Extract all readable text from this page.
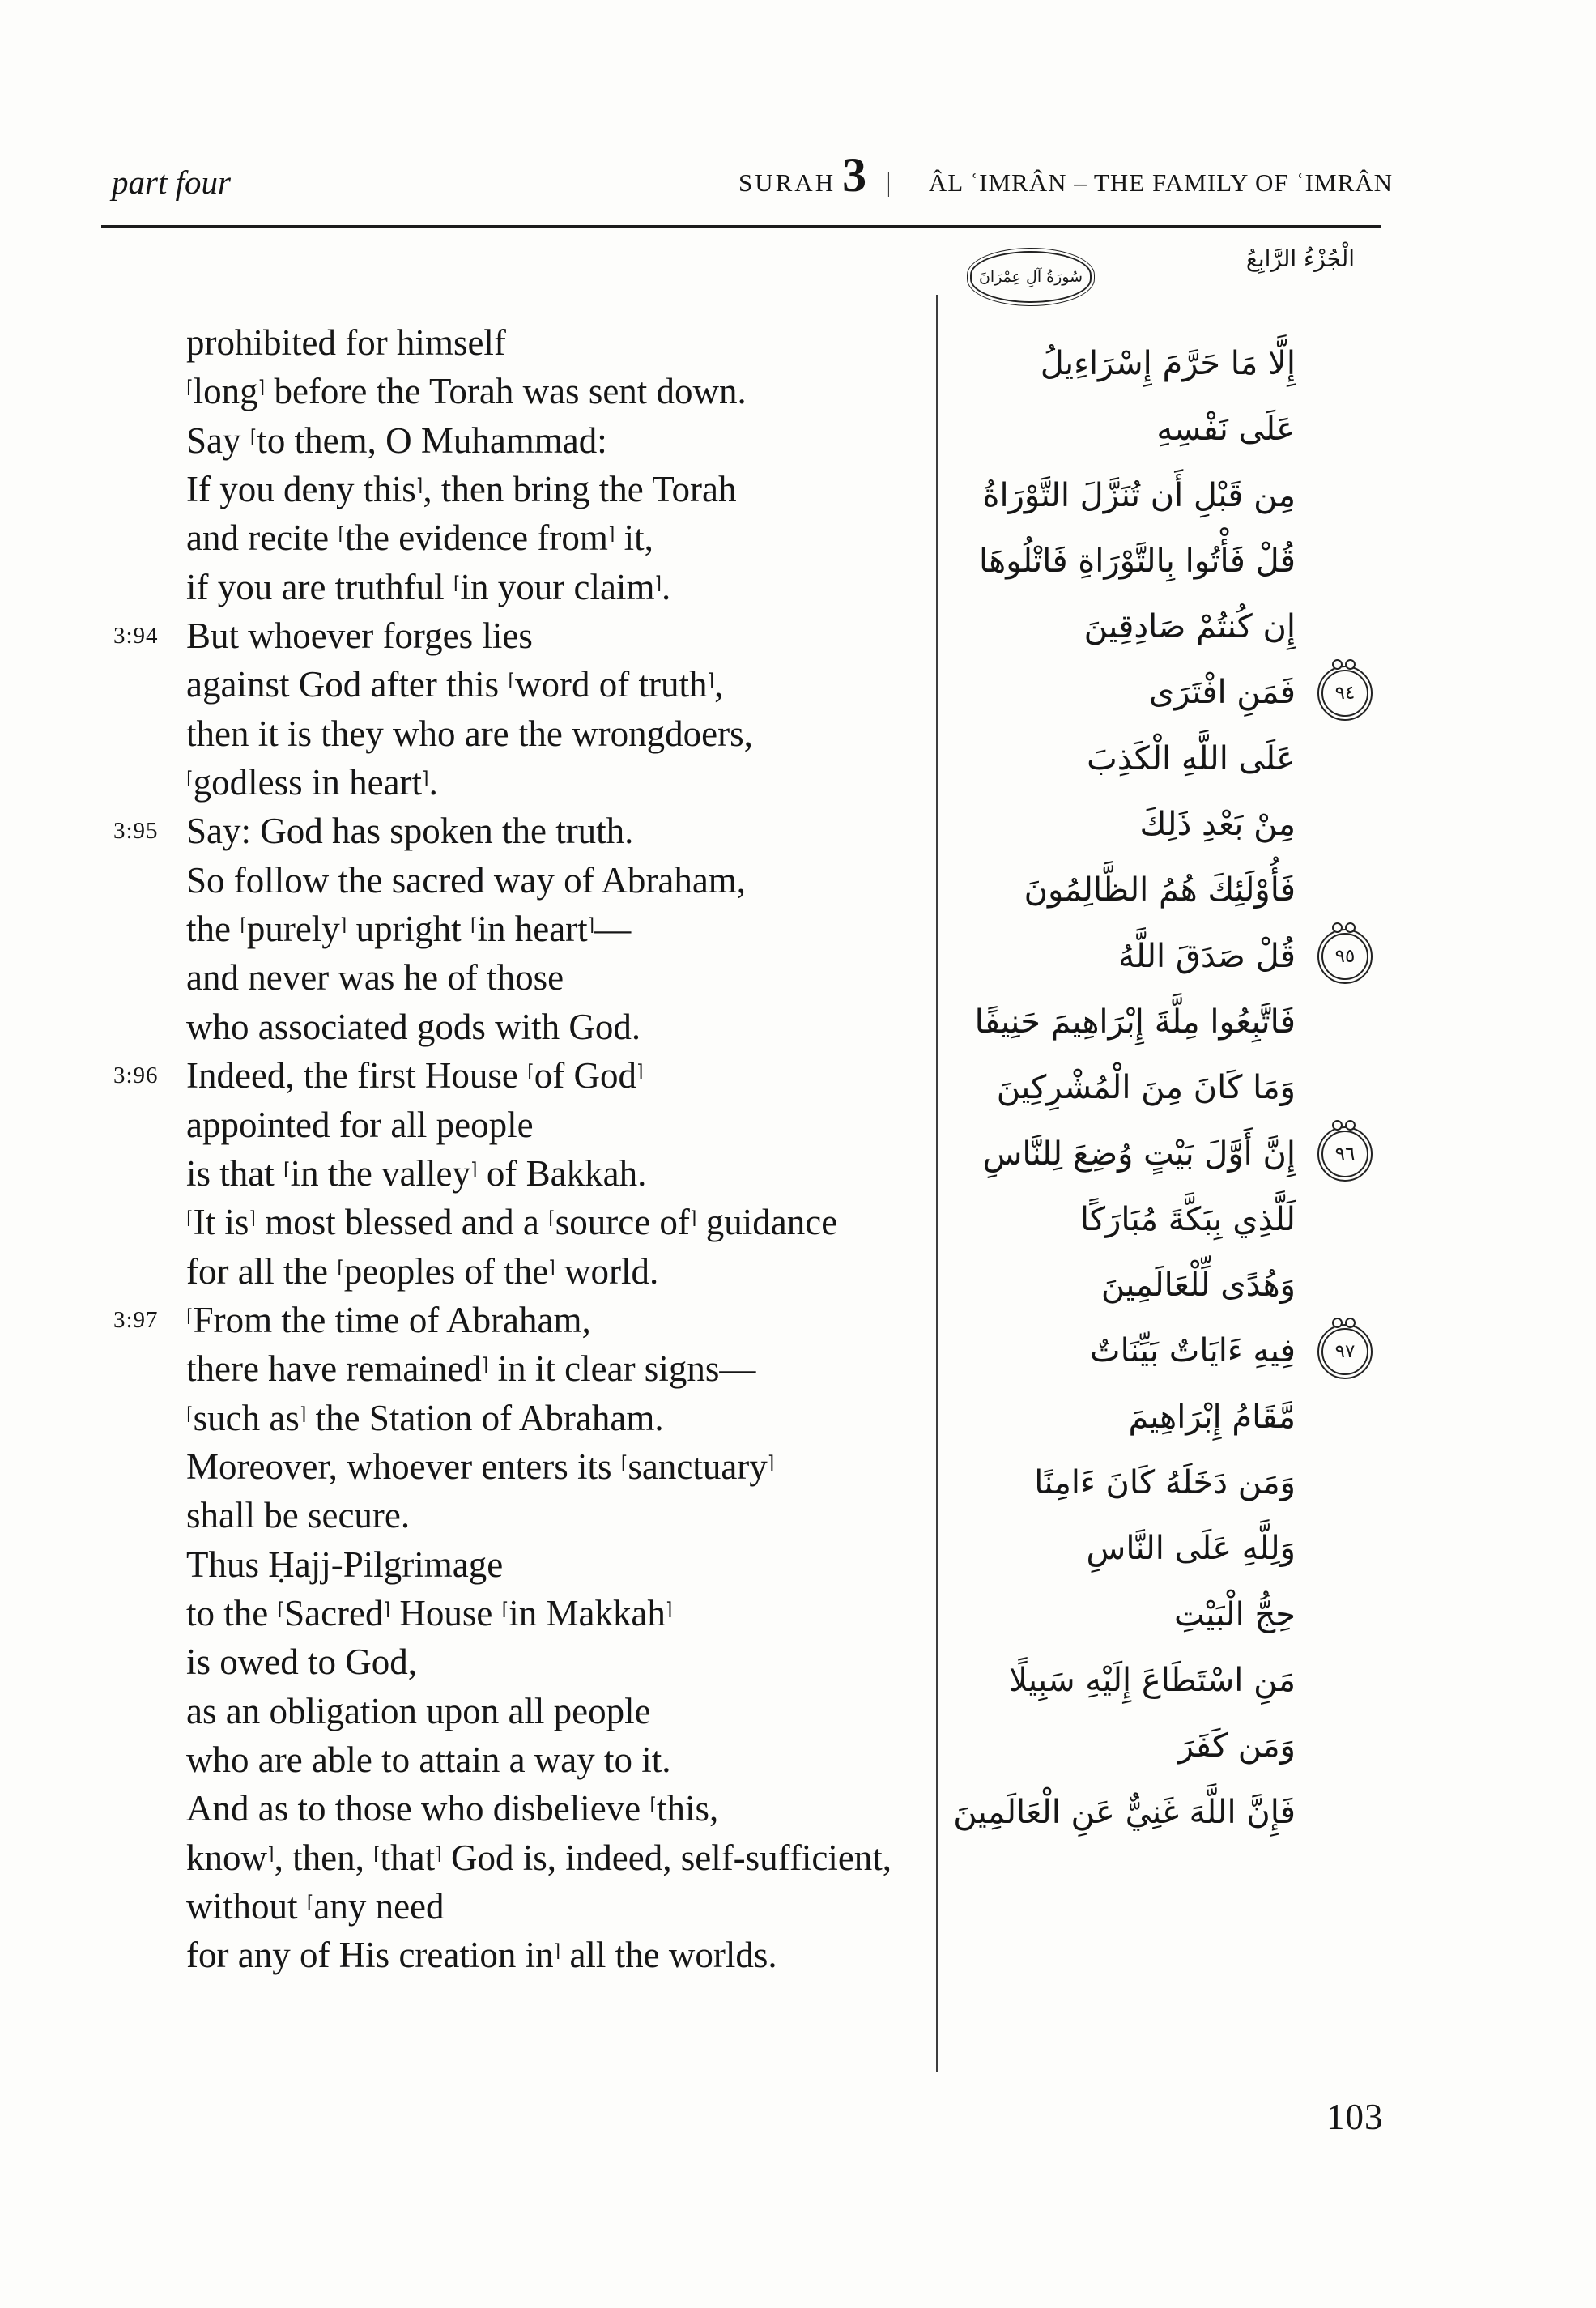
part four	SURAH 3 | ÂL ʿIMRÂN – THE FAMILY OF ʿIMRÂN
سُورَةُ آلِ عِمْرَانَ
الْجُزْءُ الرَّابِعُ
prohibited for himself
⌈long⌉ before the Torah was sent down.
Say ⌈to them, O Muhammad:
If you deny this⌉, then bring the Torah
and recite ⌈the evidence from⌉ it,
if you are truthful ⌈in your claim⌉.
3:94 But whoever forges lies
against God after this ⌈word of truth⌉,
then it is they who are the wrongdoers,
⌈godless in heart⌉.
3:95 Say: God has spoken the truth.
So follow the sacred way of Abraham,
the ⌈purely⌉ upright ⌈in heart⌉—
and never was he of those
who associated gods with God.
3:96 Indeed, the first House ⌈of God⌉
appointed for all people
is that ⌈in the valley⌉ of Bakkah.
⌈It is⌉ most blessed and a ⌈source of⌉ guidance
for all the ⌈peoples of the⌉ world.
3:97 ⌈From the time of Abraham,
there have remained⌉ in it clear signs—
⌈such as⌉ the Station of Abraham.
Moreover, whoever enters its ⌈sanctuary⌉
shall be secure.
Thus Ḥajj-Pilgrimage
to the ⌈Sacred⌉ House ⌈in Makkah⌉
is owed to God,
as an obligation upon all people
who are able to attain a way to it.
And as to those who disbelieve ⌈this,
know⌉, then, ⌈that⌉ God is, indeed, self-sufficient,
without ⌈any need
for any of His creation in⌉ all the worlds.
إِلَّا مَا حَرَّمَ إِسْرَاءِيلُ
عَلَى نَفْسِهِ
مِن قَبْلِ أَن تُنَزَّلَ التَّوْرَاةُ
قُلْ فَأْتُوا بِالتَّوْرَاةِ فَاتْلُوهَا
إِن كُنتُمْ صَادِقِينَ
فَمَنِ افْتَرَى	٩٤
عَلَى اللَّهِ الْكَذِبَ
مِنْ بَعْدِ ذَلِكَ
فَأُوْلَئِكَ هُمُ الظَّالِمُونَ
قُلْ صَدَقَ اللَّهُ	٩٥
فَاتَّبِعُوا مِلَّةَ إِبْرَاهِيمَ حَنِيفًا
وَمَا كَانَ مِنَ الْمُشْرِكِينَ
إِنَّ أَوَّلَ بَيْتٍ وُضِعَ لِلنَّاسِ	٩٦
لَلَّذِي بِبَكَّةَ مُبَارَكًا
وَهُدًى لِّلْعَالَمِينَ
فِيهِ ءَايَاتٌ بَيِّنَاتٌ	٩٧
مَّقَامُ إِبْرَاهِيمَ
وَمَن دَخَلَهُ كَانَ ءَامِنًا
وَلِلَّهِ عَلَى النَّاسِ
حِجُّ الْبَيْتِ
مَنِ اسْتَطَاعَ إِلَيْهِ سَبِيلًا
وَمَن كَفَرَ
فَإِنَّ اللَّهَ غَنِيٌّ عَنِ الْعَالَمِينَ
103
